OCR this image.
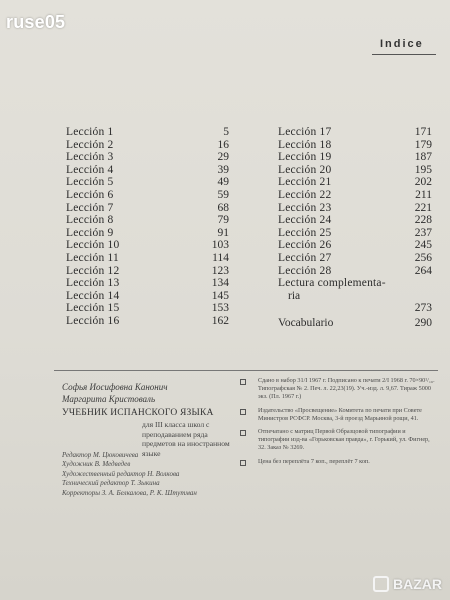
ruse05
Indice
Lección 1	5
Lección 2	16
Lección 3	29
Lección 4	39
Lección 5	49
Lección 6	59
Lección 7	68
Lección 8	79
Lección 9	91
Lección 10	103
Lección 11	114
Lección 12	123
Lección 13	134
Lección 14	145
Lección 15	153
Lección 16	162
Lección 17	171
Lección 18	179
Lección 19	187
Lección 20	195
Lección 21	202
Lección 22	211
Lección 23	221
Lección 24	228
Lección 25	237
Lección 26	245
Lección 27	256
Lección 28	264
Lectura complementa-
ria
273
Vocabulario	290
Софья Иосифовна Канонич
Маргарита Кристоваль
УЧЕБНИК ИСПАНСКОГО ЯЗЫКА
для III класса школ с преподаванием ряда предметов на иностранном языке
Редактор М. Цюковичева
Художник В. Медведев
Художественный редактор Н. Волкова
Технический редактор Т. Зыкина
Корректоры З. А. Белкалова, Р. К. Штутман

Сдано в набор 31/I 1967 г. Подписано к печати 2/I 1968 г. 70×90¹/₁₆. Типографская № 2. Печ. л. 22,23(19). Уч.-изд. л. 9,67. Тираж 5000 экз. (Пл. 1967 г.)

Издательство «Просвещение» Комитета по печати при Совете Министров РСФСР. Москва, 3-й проезд Марьиной рощи, 41.

Отпечатано с матриц Первой Образцовой типографии и типографии изд-ва «Горьковская правда», г. Горький, ул. Фигнер, 32. Заказ № 3269.

Цена без переплёта 7 коп., переплёт 7 коп.

BAZAR
